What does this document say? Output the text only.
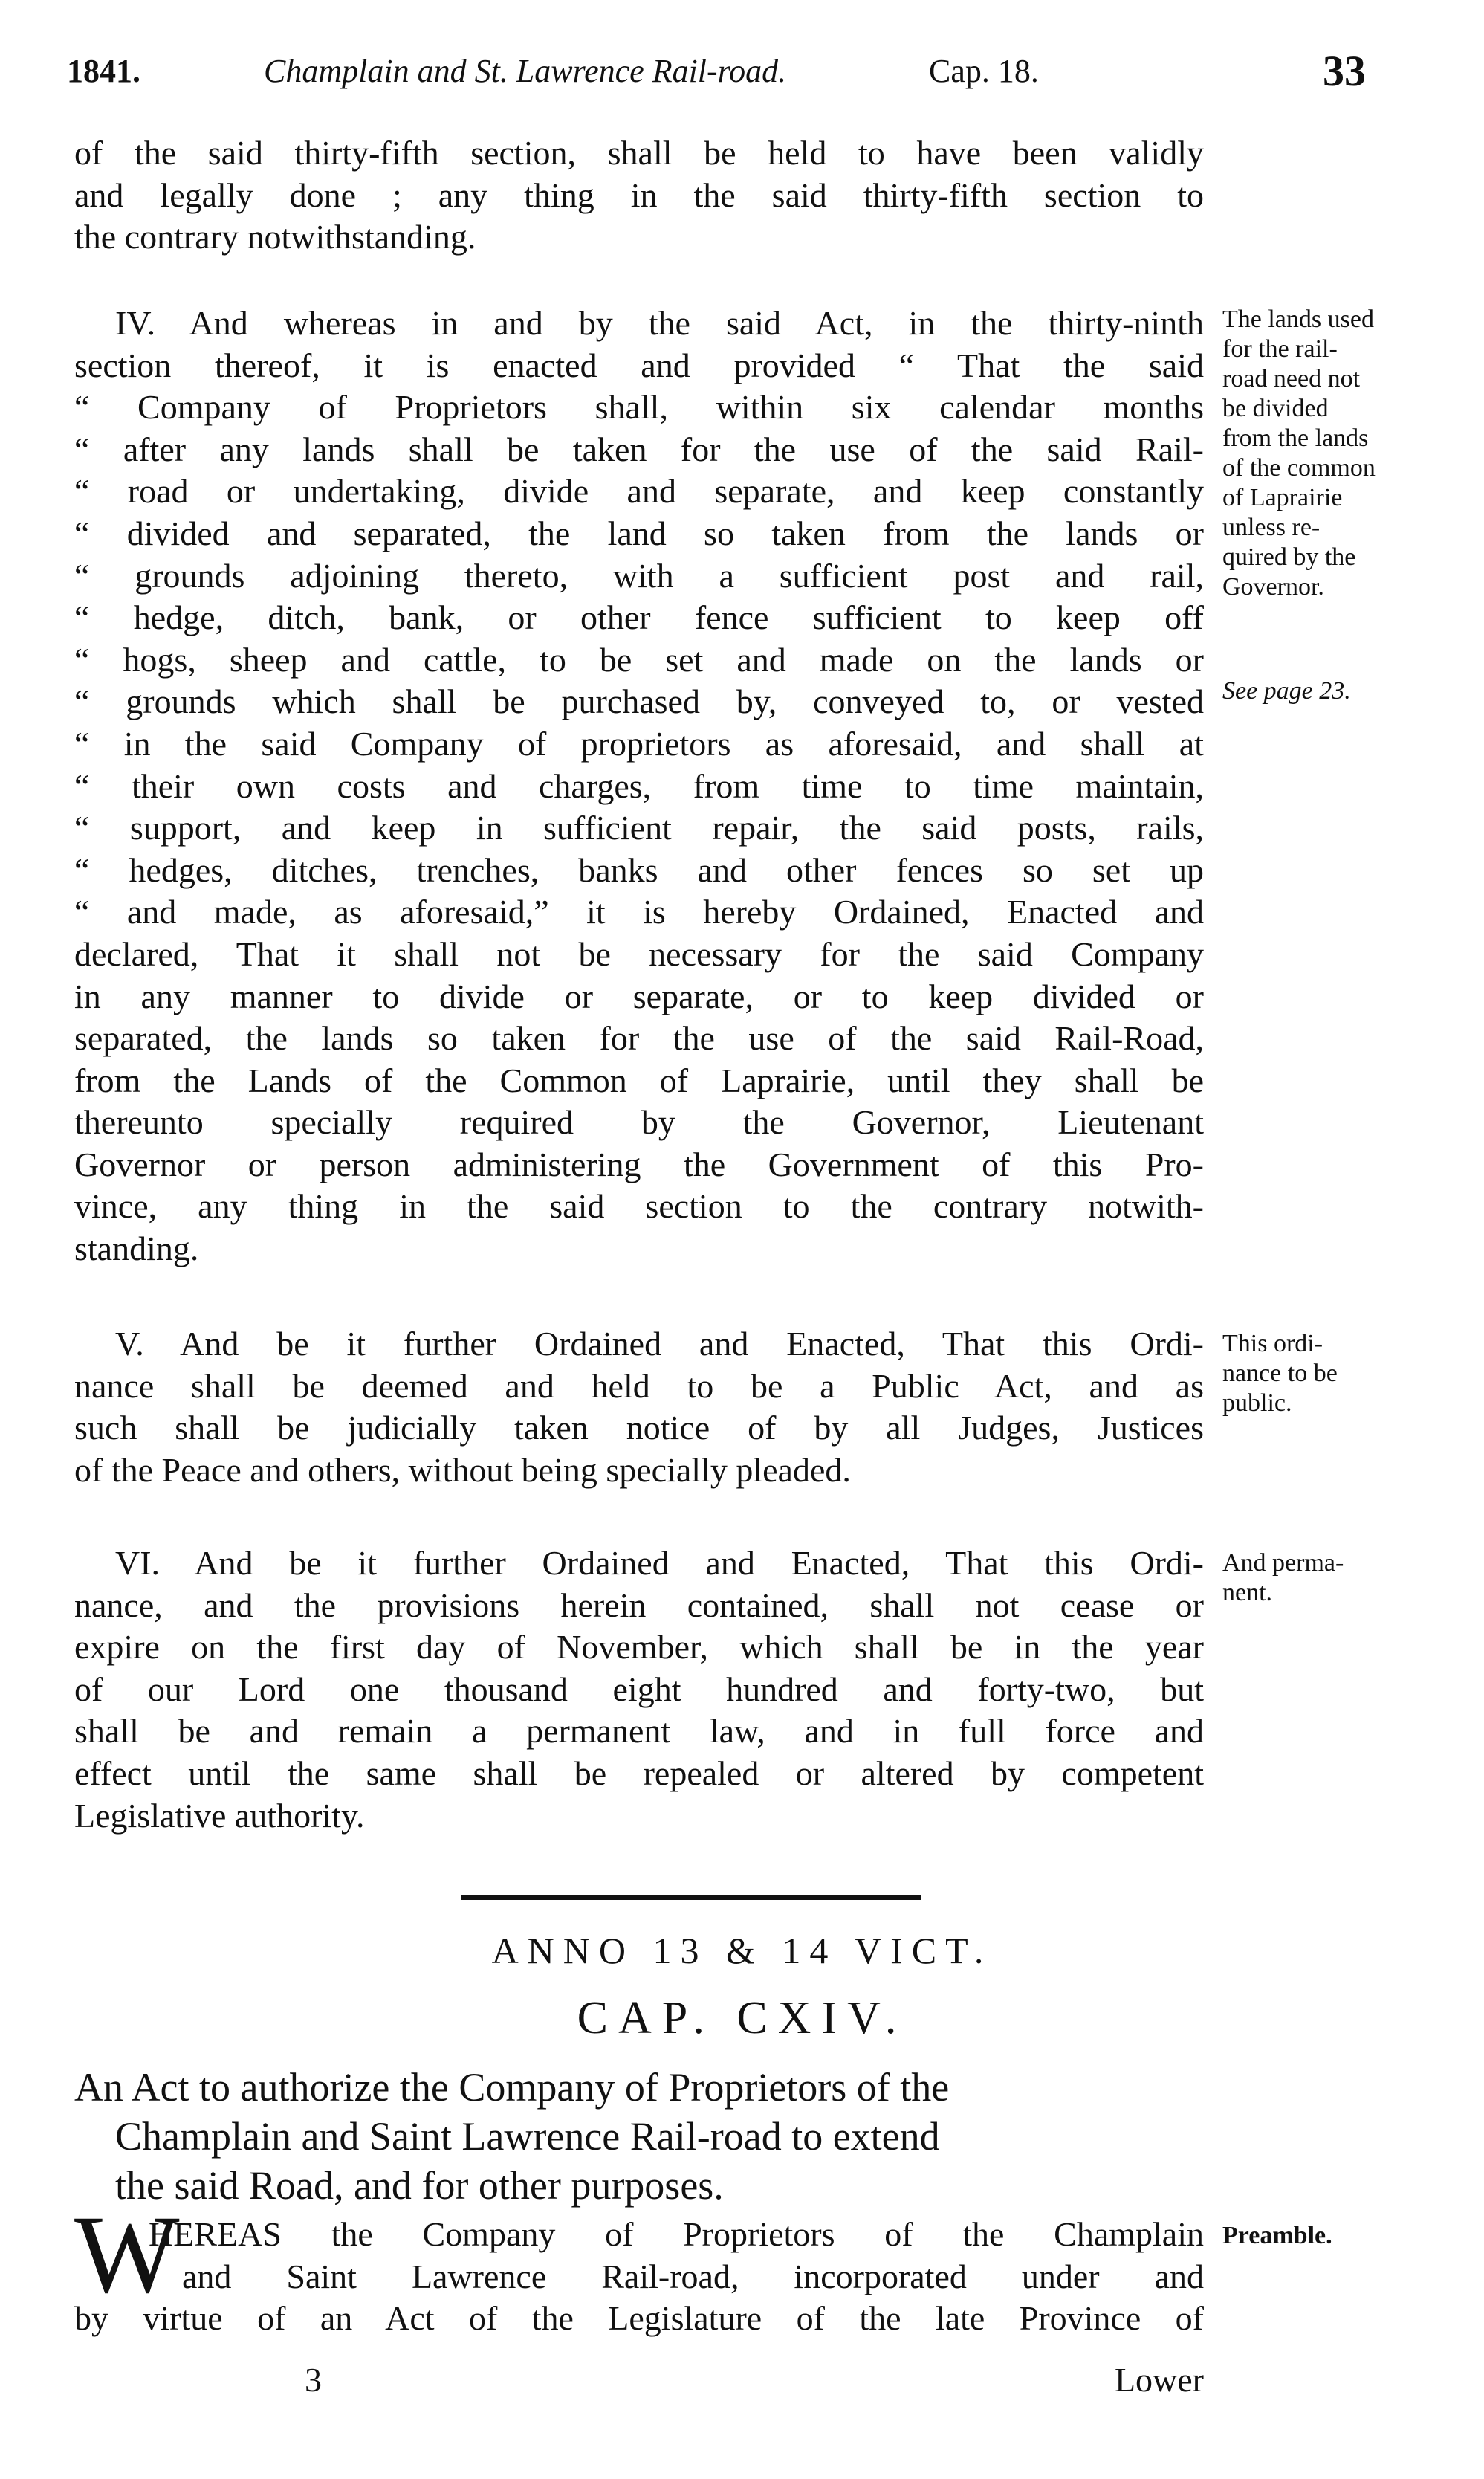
1841.	Champlain and St. Lawrence Rail-road.	Cap. 18.	33
of the said thirty-fifth section, shall be held to have been validly
and legally done ; any thing in the said thirty-fifth section to
the contrary notwithstanding.
IV. And whereas in and by the said Act, in the thirty-ninth
section thereof, it is enacted and provided “ That the said
“ Company of Proprietors shall, within six calendar months
“ after any lands shall be taken for the use of the said Rail-
“ road or undertaking, divide and separate, and keep constantly
“ divided and separated, the land so taken from the lands or
“ grounds adjoining thereto, with a sufficient post and rail,
“ hedge, ditch, bank, or other fence sufficient to keep off
“ hogs, sheep and cattle, to be set and made on the lands or
“ grounds which shall be purchased by, conveyed to, or vested
“ in the said Company of proprietors as aforesaid, and shall at
“ their own costs and charges, from time to time maintain,
“ support, and keep in sufficient repair, the said posts, rails,
“ hedges, ditches, trenches, banks and other fences so set up
“ and made, as aforesaid,” it is hereby Ordained, Enacted and
declared, That it shall not be necessary for the said Company
in any manner to divide or separate, or to keep divided or
separated, the lands so taken for the use of the said Rail-Road,
from the Lands of the Common of Laprairie, until they shall be
thereunto specially required by the Governor, Lieutenant
Governor or person administering the Government of this Pro-
vince, any thing in the said section to the contrary notwith-
standing.
The lands used
for the rail-
road need not
be divided
from the lands
of the common
of Laprairie
unless re-
quired by the
Governor.
See page 23.
V. And be it further Ordained and Enacted, That this Ordi-
nance shall be deemed and held to be a Public Act, and as
such shall be judicially taken notice of by all Judges, Justices
of the Peace and others, without being specially pleaded.
This ordi-
nance to be
public.
VI. And be it further Ordained and Enacted, That this Ordi-
nance, and the provisions herein contained, shall not cease or
expire on the first day of November, which shall be in the year
of our Lord one thousand eight hundred and forty-two, but
shall be and remain a permanent law, and in full force and
effect until the same shall be repealed or altered by competent
Legislative authority.
And perma-
nent.
ANNO 13 & 14 VICT.
CAP. CXIV.
An Act to authorize the Company of Proprietors of the
Champlain and Saint Lawrence Rail-road to extend
the said Road, and for other purposes.
W
HEREAS the Company of Proprietors of the Champlain
and Saint Lawrence Rail-road, incorporated under and
by virtue of an Act of the Legislature of the late Province of
Preamble.
3	Lower
